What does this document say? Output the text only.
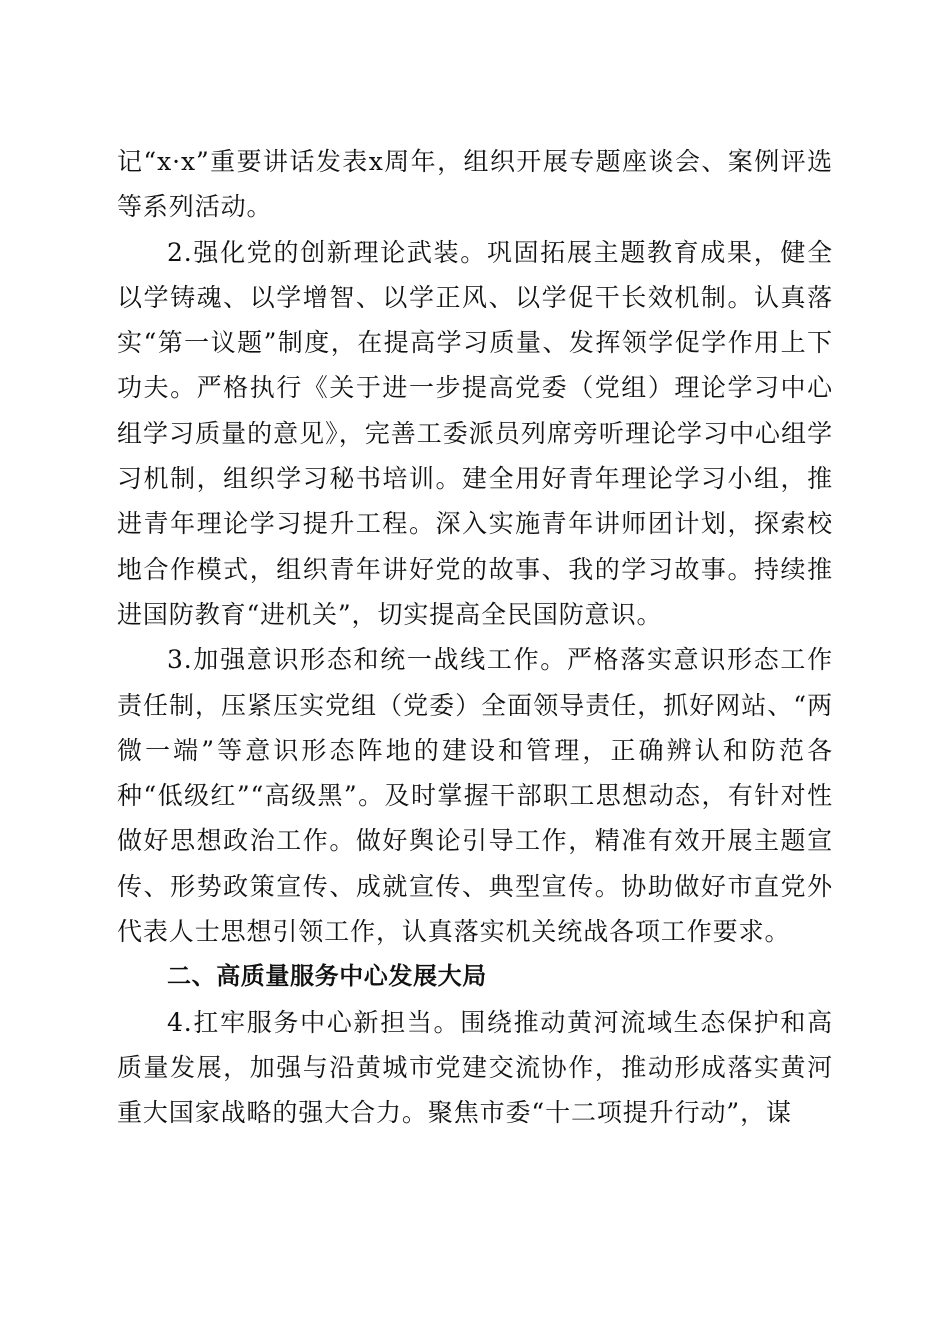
记“x·x”重要讲话发表x周年，组织开展专题座谈会、案例评选等系列活动。

2.强化党的创新理论武装。巩固拓展主题教育成果，健全以学铸魂、以学增智、以学正风、以学促干长效机制。认真落实“第一议题”制度，在提高学习质量、发挥领学促学作用上下功夫。严格执行《关于进一步提高党委（党组）理论学习中心组学习质量的意见》，完善工委派员列席旁听理论学习中心组学习机制，组织学习秘书培训。建全用好青年理论学习小组，推进青年理论学习提升工程。深入实施青年讲师团计划，探索校地合作模式，组织青年讲好党的故事、我的学习故事。持续推进国防教育“进机关”，切实提高全民国防意识。

3.加强意识形态和统一战线工作。严格落实意识形态工作责任制，压紧压实党组（党委）全面领导责任，抓好网站、“两微一端”等意识形态阵地的建设和管理，正确辨认和防范各种“低级红”“高级黑”。及时掌握干部职工思想动态，有针对性做好思想政治工作。做好舆论引导工作，精准有效开展主题宣传、形势政策宣传、成就宣传、典型宣传。协助做好市直党外代表人士思想引领工作，认真落实机关统战各项工作要求。

二、高质量服务中心发展大局

4.扛牢服务中心新担当。围绕推动黄河流域生态保护和高质量发展，加强与沿黄城市党建交流协作，推动形成落实黄河重大国家战略的强大合力。聚焦市委“十二项提升行动”，谋
